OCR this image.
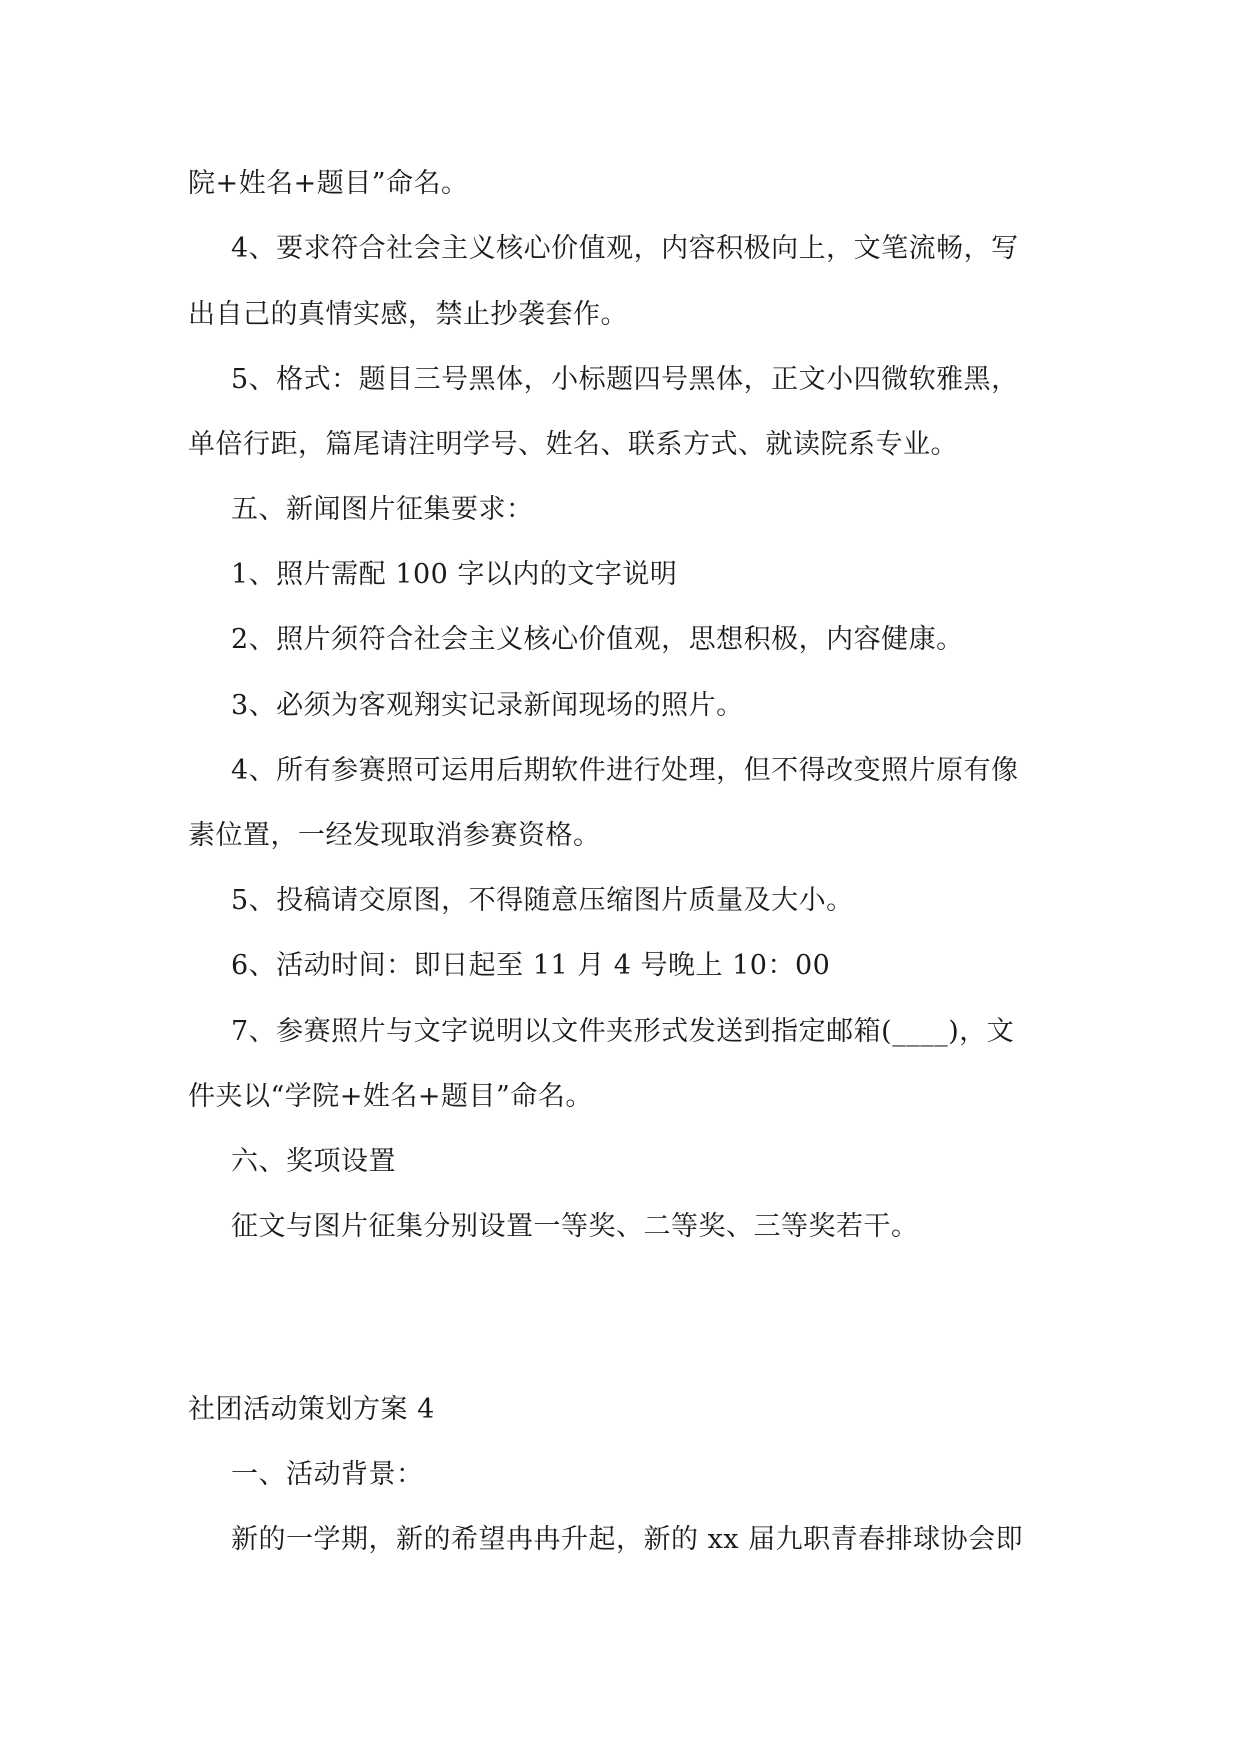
院+姓名+题目”命名。
4、要求符合社会主义核心价值观，内容积极向上，文笔流畅，写
出自己的真情实感，禁止抄袭套作。
5、格式：题目三号黑体，小标题四号黑体，正文小四微软雅黑，
单倍行距，篇尾请注明学号、姓名、联系方式、就读院系专业。
五、新闻图片征集要求：
1、照片需配 100 字以内的文字说明
2、照片须符合社会主义核心价值观，思想积极，内容健康。
3、必须为客观翔实记录新闻现场的照片。
4、所有参赛照可运用后期软件进行处理，但不得改变照片原有像
素位置，一经发现取消参赛资格。
5、投稿请交原图，不得随意压缩图片质量及大小。
6、活动时间：即日起至 11 月 4 号晚上 10：00
7、参赛照片与文字说明以文件夹形式发送到指定邮箱(____)，文
件夹以“学院+姓名+题目”命名。
六、奖项设置
征文与图片征集分别设置一等奖、二等奖、三等奖若干。
社团活动策划方案 4
一、活动背景：
新的一学期，新的希望冉冉升起，新的 xx 届九职青春排球协会即
